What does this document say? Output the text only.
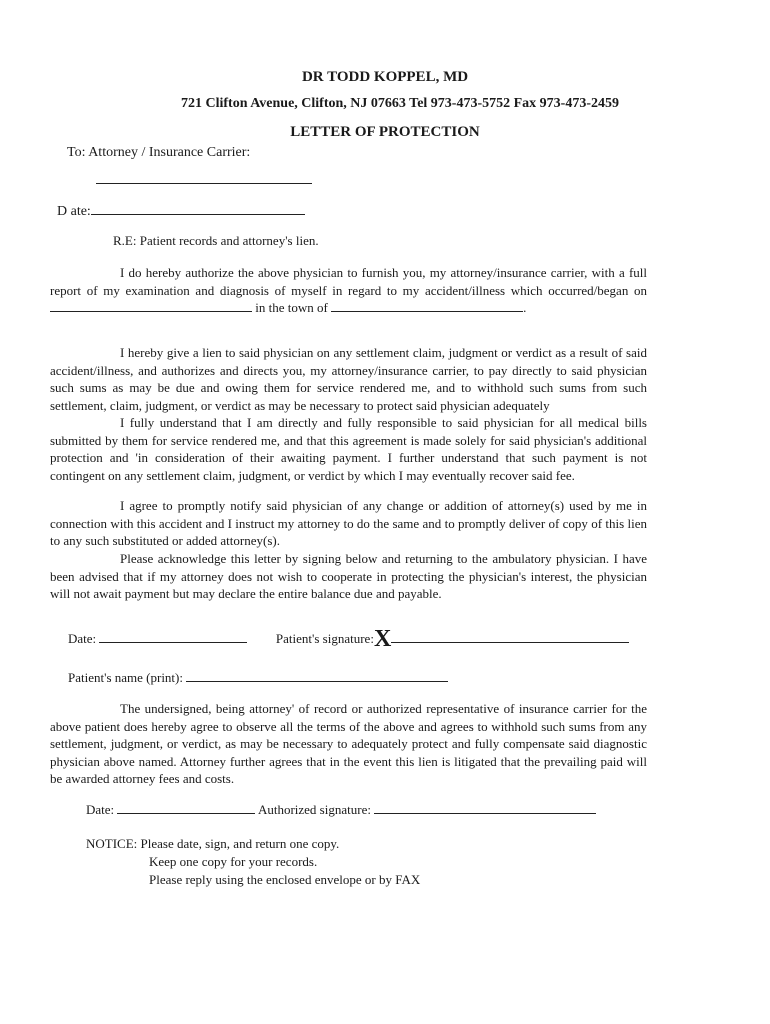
DR TODD KOPPEL, MD
721 Clifton Avenue, Clifton, NJ 07663 Tel 973-473-5752 Fax 973-473-2459
LETTER OF PROTECTION
To: Attorney / Insurance Carrier:
D ate:
R.E: Patient records and attorney's lien.
I do hereby authorize the above physician to furnish you, my attorney/insurance carrier, with a full report of my examination and diagnosis of myself in regard to my accident/illness which occurred/began on  in the town of	.
I hereby give a lien to said physician on any settlement claim, judgment or verdict as a result of said accident/illness, and authorizes and directs you, my attorney/insurance carrier, to pay directly to said physician such sums as may be due and owing them for service rendered me, and to withhold such sums from such settlement, claim, judgment, or verdict as may be necessary to protect said physician adequately
I fully understand that I am directly and fully responsible to said physician for all medical bills submitted by them for service rendered me, and that this agreement is made solely for said physician's additional protection and 'in consideration of their awaiting payment. I further understand that such payment is not contingent on any settlement claim, judgment, or verdict by which I may eventually recover said fee.
I agree to promptly notify said physician of any change or addition of attorney(s) used by me in connection with this accident and I instruct my attorney to do the same and to promptly deliver of copy of this lien to any such substituted or added attorney(s).
Please acknowledge this letter by signing below and returning to the ambulatory physician. I have been advised that if my attorney does not wish to cooperate in protecting the physician's interest, the physician will not await payment but may declare the entire balance due and payable.
Date:	Patient's signature:X
Patient's name (print):
The undersigned, being attorney' of record or authorized representative of insurance carrier for the above patient does hereby agree to observe all the terms of the above and agrees to withhold such sums from any settlement, judgment, or verdict, as may be necessary to adequately protect and fully compensate said diagnostic physician above named. Attorney further agrees that in the event this lien is litigated that the prevailing paid will be awarded attorney fees and costs.
Date:	Authorized signature:
NOTICE: Please date, sign, and return one copy.
Keep one copy for your records.
Please reply using the enclosed envelope or by FAX
